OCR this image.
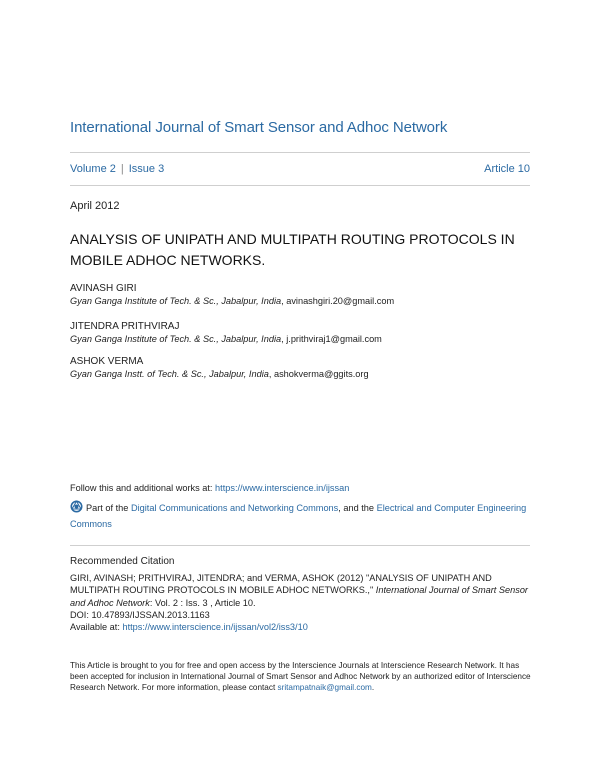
International Journal of Smart Sensor and Adhoc Network
Volume 2 | Issue 3	Article 10
April 2012
ANALYSIS OF UNIPATH AND MULTIPATH ROUTING PROTOCOLS IN MOBILE ADHOC NETWORKS.
AVINASH GIRI
Gyan Ganga Institute of Tech. & Sc., Jabalpur, India, avinashgiri.20@gmail.com
JITENDRA PRITHVIRAJ
Gyan Ganga Institute of Tech. & Sc., Jabalpur, India, j.prithviraj1@gmail.com
ASHOK VERMA
Gyan Ganga Instt. of Tech. & Sc., Jabalpur, India, ashokverma@ggits.org
Follow this and additional works at: https://www.interscience.in/ijssan
Part of the Digital Communications and Networking Commons, and the Electrical and Computer Engineering Commons
Recommended Citation
GIRI, AVINASH; PRITHVIRAJ, JITENDRA; and VERMA, ASHOK (2012) "ANALYSIS OF UNIPATH AND MULTIPATH ROUTING PROTOCOLS IN MOBILE ADHOC NETWORKS.," International Journal of Smart Sensor and Adhoc Network: Vol. 2 : Iss. 3 , Article 10.
DOI: 10.47893/IJSSAN.2013.1163
Available at: https://www.interscience.in/ijssan/vol2/iss3/10
This Article is brought to you for free and open access by the Interscience Journals at Interscience Research Network. It has been accepted for inclusion in International Journal of Smart Sensor and Adhoc Network by an authorized editor of Interscience Research Network. For more information, please contact sritampatnaik@gmail.com.
